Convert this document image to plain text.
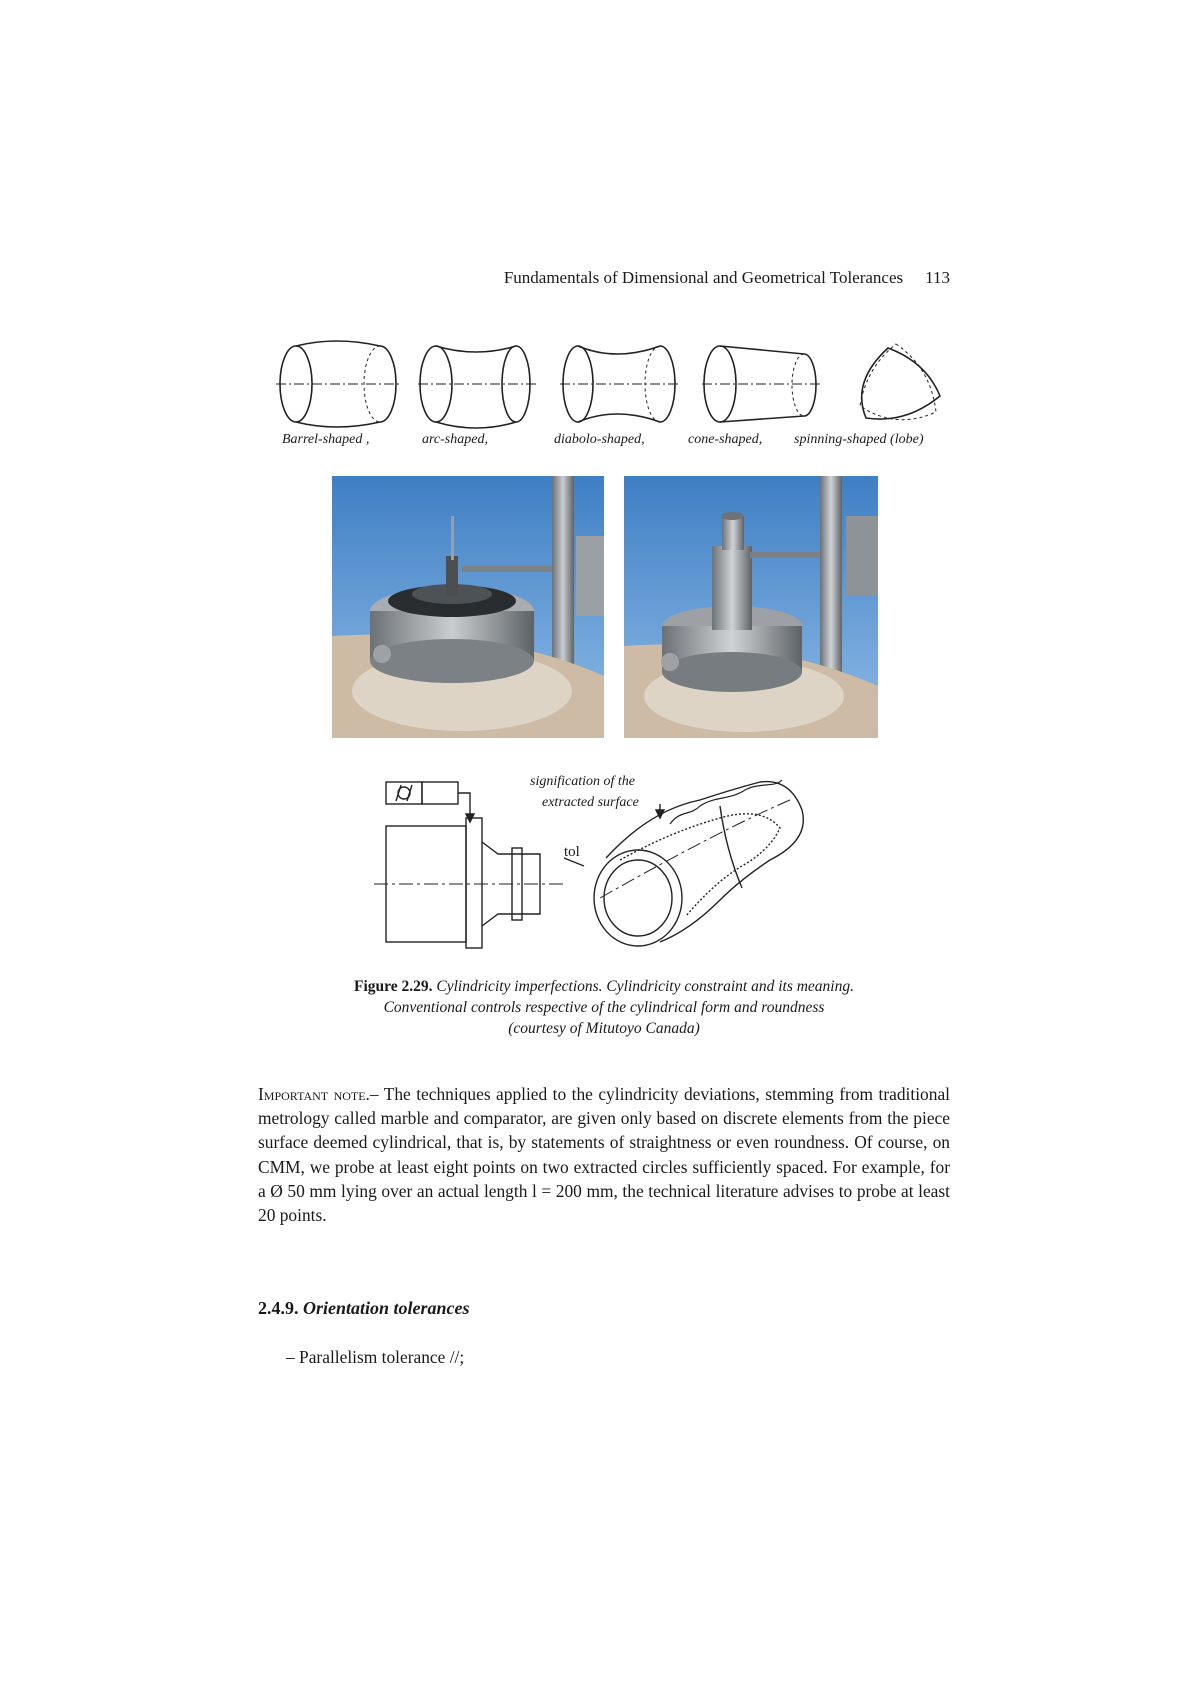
Fundamentals of Dimensional and Geometrical Tolerances 113
Barrel-shaped ,	arc-shaped,	diabolo-shaped,	cone-shaped, spinning-shaped (lobe)
signification of the
extracted surface
tol
Figure 2.29. Cylindricity imperfections. Cylindricity constraint and its meaning.
Conventional controls respective of the cylindrical form and roundness
(courtesy of Mitutoyo Canada)
Important note.– The techniques applied to the cylindricity deviations, stemming from traditional metrology called marble and comparator, are given only based on discrete elements from the piece surface deemed cylindrical, that is, by statements of straightness or even roundness. Of course, on CMM, we probe at least eight points on two extracted circles sufficiently spaced. For example, for a Ø 50 mm lying over an actual length l = 200 mm, the technical literature advises to probe at least 20 points.
2.4.9. Orientation tolerances
– Parallelism tolerance //;
